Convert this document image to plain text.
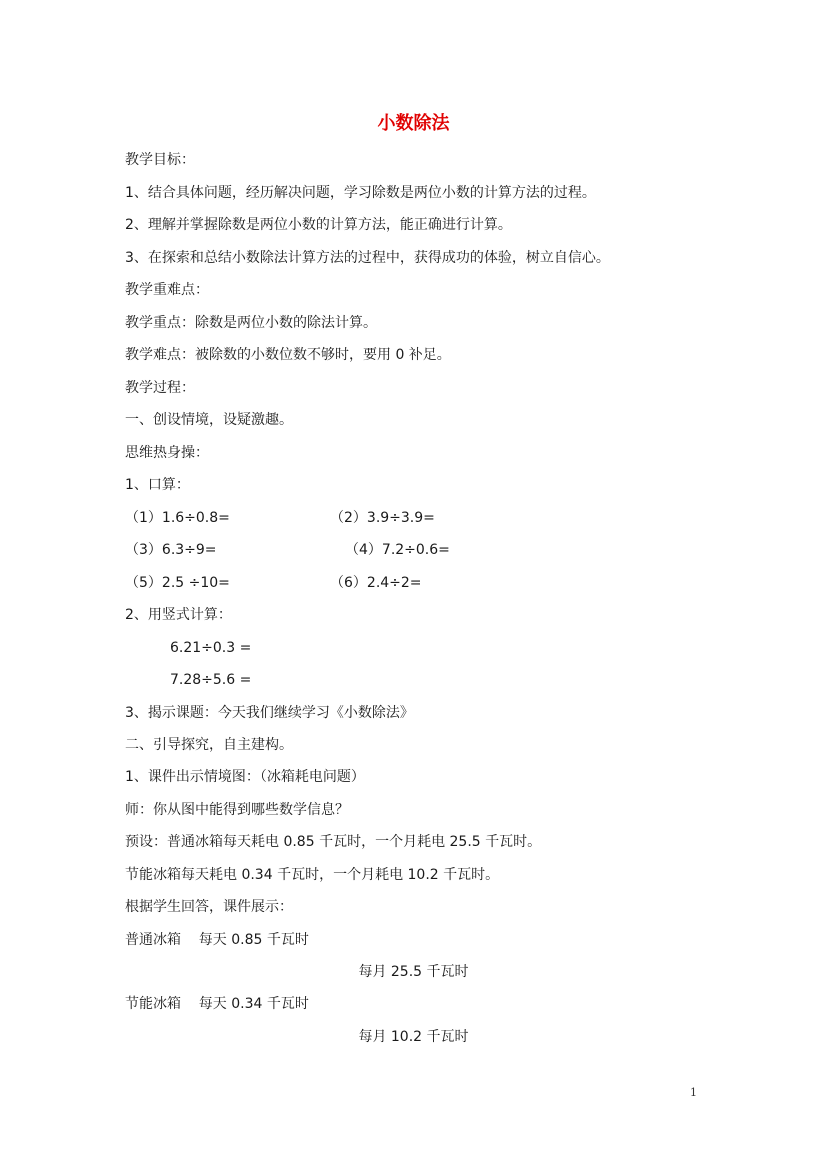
小数除法
教学目标：
1、结合具体问题，经历解决问题，学习除数是两位小数的计算方法的过程。
2、理解并掌握除数是两位小数的计算方法，能正确进行计算。
3、在探索和总结小数除法计算方法的过程中，获得成功的体验，树立自信心。
教学重难点：
教学重点：除数是两位小数的除法计算。
教学难点：被除数的小数位数不够时，要用 0 补足。
教学过程：
一、创设情境，设疑激趣。
思维热身操：
1、口算：
（1）1.6÷0.8=	（2）3.9÷3.9=
（3）6.3÷9=	（4）7.2÷0.6=
（5）2.5 ÷10=	（6）2.4÷2=
2、用竖式计算：
6.21÷0.3 =
7.28÷5.6 =
3、揭示课题：今天我们继续学习《小数除法》
二、引导探究，自主建构。
1、课件出示情境图：（冰箱耗电问题）
师：你从图中能得到哪些数学信息？
预设：普通冰箱每天耗电 0.85 千瓦时，一个月耗电 25.5 千瓦时。
节能冰箱每天耗电 0.34 千瓦时，一个月耗电 10.2 千瓦时。
根据学生回答，课件展示：
普通冰箱    每天 0.85 千瓦时
每月 25.5 千瓦时
节能冰箱    每天 0.34 千瓦时
每月 10.2 千瓦时
1
